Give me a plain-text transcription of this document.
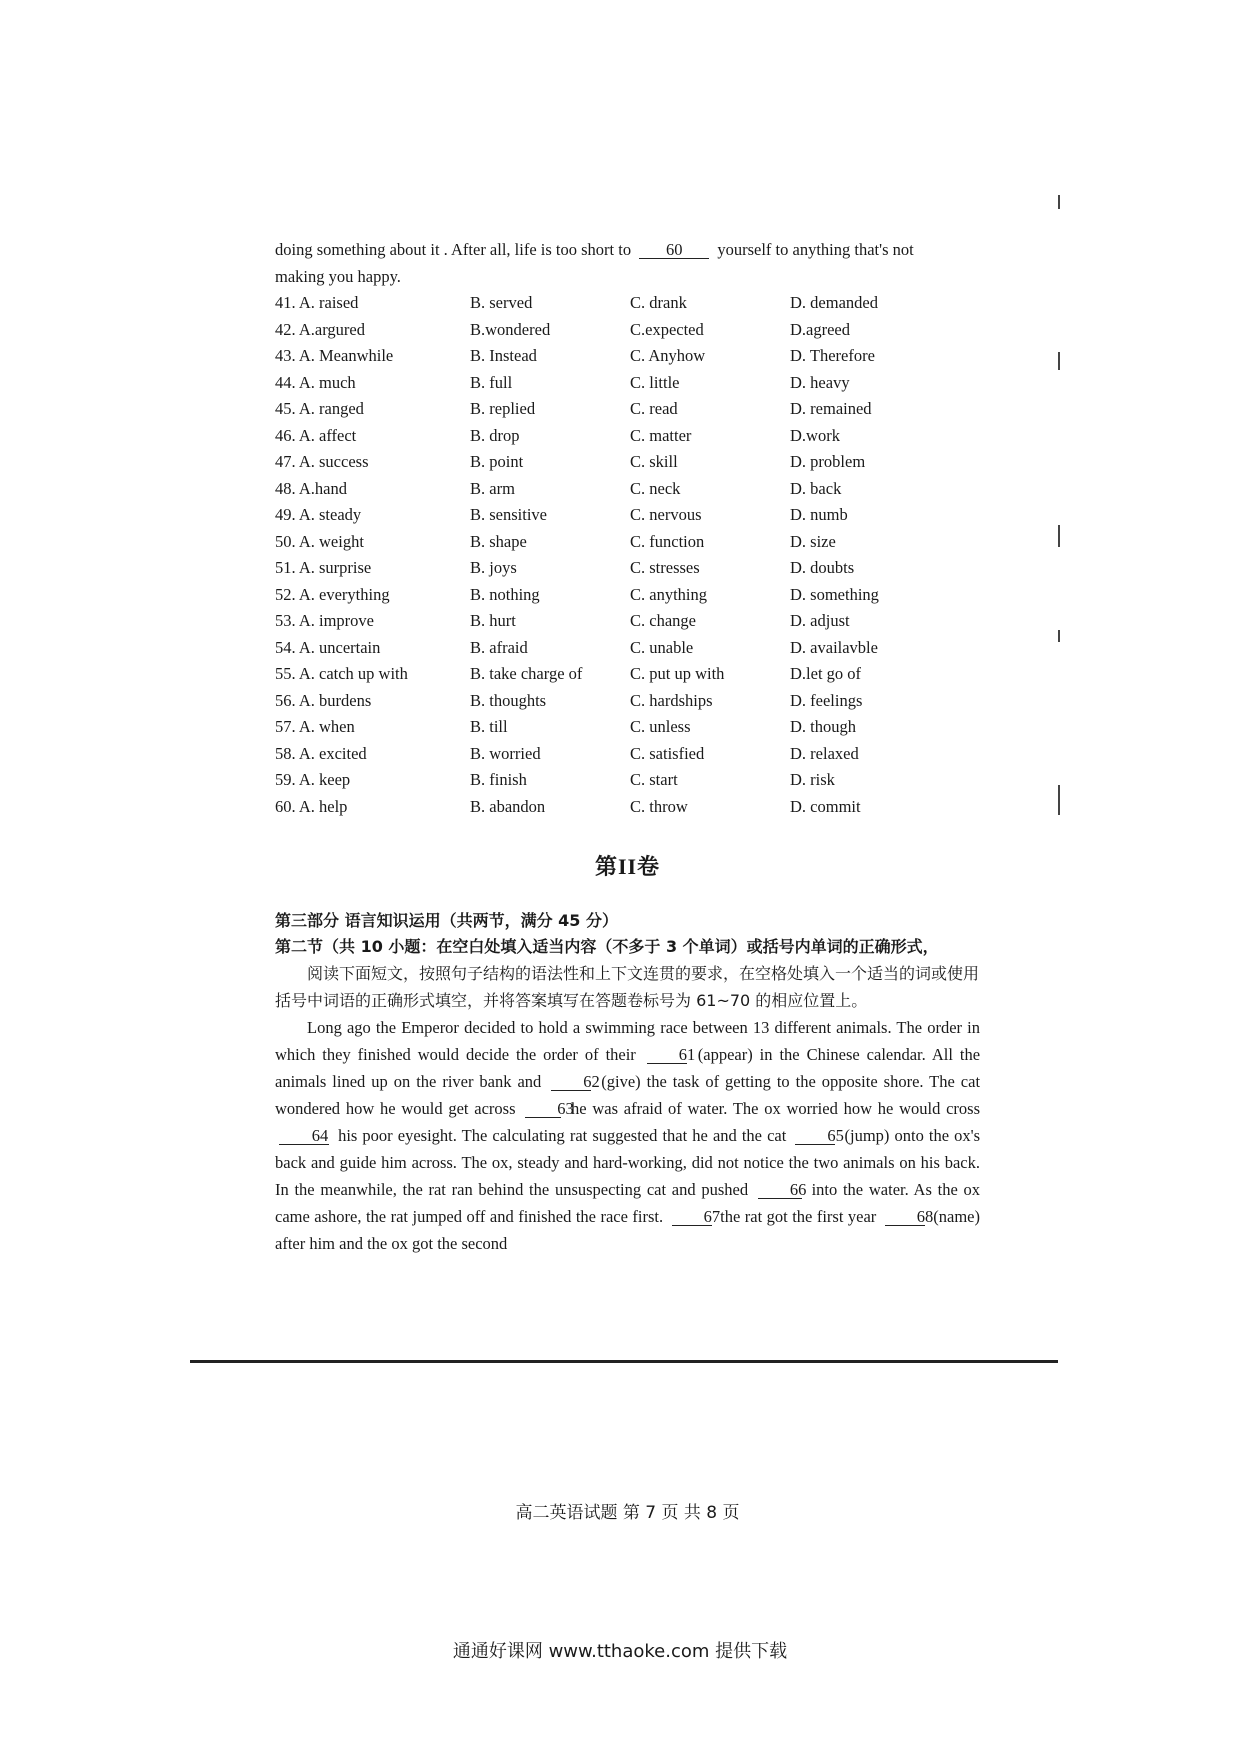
doing something about it . After all, life is too short to 60 yourself to anything that's not
making you happy.
41. A. raised	B. served	C. drank	D. demanded
42. A.argured	B.wondered	C.expected	D.agreed
43. A. Meanwhile	B. Instead	C. Anyhow	D. Therefore
44. A. much	B. full	C. little	D. heavy
45. A. ranged	B. replied	C. read	D. remained
46. A. affect	B. drop	C. matter	D.work
47. A. success	B. point	C. skill	D. problem
48. A.hand	B. arm	C. neck	D. back
49. A. steady	B. sensitive	C. nervous	D. numb
50. A. weight	B. shape	C. function	D. size
51. A. surprise	B. joys	C. stresses	D. doubts
52. A. everything	B. nothing	C. anything	D. something
53. A. improve	B. hurt	C. change	D. adjust
54. A. uncertain	B. afraid	C. unable	D. availavble
55. A. catch up with	B. take charge of	C. put up with	D.let go of
56. A. burdens	B. thoughts	C. hardships	D. feelings
57. A. when	B. till	C. unless	D. though
58. A. excited	B. worried	C. satisfied	D. relaxed
59. A. keep	B. finish	C. start	D. risk
60. A. help	B. abandon	C. throw	D. commit
第II卷
第三部分 语言知识运用（共两节，满分 45 分）
第二节（共 10 小题：在空白处填入适当内容（不多于 3 个单词）或括号内单词的正确形式，
阅读下面短文，按照句子结构的语法性和上下文连贯的要求，在空格处填入一个适当的词或使用括号中词语的正确形式填空，并将答案填写在答题卷标号为 61~70 的相应位置上。

Long ago the Emperor decided to hold a swimming race between 13 different animals. The order in which they finished would decide the order of their	61 (appear) in the Chinese calendar. All the animals lined up on the river bank and	62 (give) the task of getting to the opposite shore. The cat wondered how he would get across	63 he was afraid of water. The ox worried how he would cross 64 his poor eyesight. The calculating rat suggested that he and the cat 65 (jump) onto the ox's back and guide him across. The ox, steady and hard-working, did not notice the two animals on his back. In the meanwhile, the rat ran behind the unsuspecting cat and pushed	66 into the water. As the ox came ashore, the rat jumped off and finished the race first. 67 the rat got the first year 68 (name) after him and the ox got the second

高二英语试题 第 7 页 共 8 页
通通好课网 www.tthaoke.com 提供下载
